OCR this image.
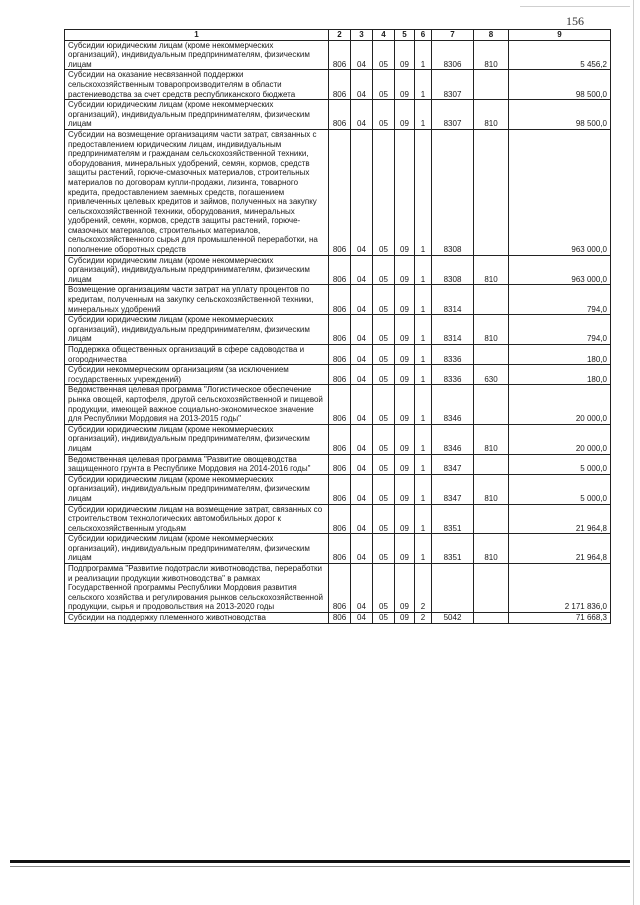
156
1	2	3	4	5	6	7	8	9
Субсидии юридическим лицам (кроме некоммерческих организаций), индивидуальным предпринимателям, физическим лицам	806	04	05	09	1	8306	810	5 456,2
Субсидии на оказание несвязанной поддержки сельскохозяйственным товаропроизводителям в области растениеводства за счет средств республиканского бюджета	806	04	05	09	1	8307		98 500,0
Субсидии юридическим лицам (кроме некоммерческих организаций), индивидуальным предпринимателям, физическим лицам	806	04	05	09	1	8307	810	98 500,0
Субсидии на возмещение организациям части затрат, связанных с предоставлением юридическим лицам, индивидуальным предпринимателям и гражданам сельскохозяйственной техники, оборудования, минеральных удобрений, семян, кормов, средств защиты растений, горюче-смазочных материалов, строительных материалов по договорам купли-продажи, лизинга, товарного кредита, предоставлением заемных средств, погашением привлеченных целевых кредитов и займов, полученных на закупку сельскохозяйственной техники, оборудования, минеральных удобрений, семян, кормов, средств защиты растений, горюче-смазочных материалов, строительных материалов, сельскохозяйственного сырья для промышленной переработки, на пополнение оборотных средств	806	04	05	09	1	8308		963 000,0
Субсидии юридическим лицам (кроме некоммерческих организаций), индивидуальным предпринимателям, физическим лицам	806	04	05	09	1	8308	810	963 000,0
Возмещение организациям части затрат на уплату процентов по кредитам, полученным на закупку сельскохозяйственной техники, минеральных удобрений	806	04	05	09	1	8314		794,0
Субсидии юридическим лицам (кроме некоммерческих организаций), индивидуальным предпринимателям, физическим лицам	806	04	05	09	1	8314	810	794,0
Поддержка общественных организаций в сфере садоводства и огородничества	806	04	05	09	1	8336		180,0
Субсидии некоммерческим организациям (за исключением государственных учреждений)	806	04	05	09	1	8336	630	180,0
Ведомственная целевая программа "Логистическое обеспечение рынка овощей, картофеля, другой сельскохозяйственной и пищевой продукции, имеющей важное социально-экономическое значение для Республики Мордовия на 2013-2015 годы"	806	04	05	09	1	8346		20 000,0
Субсидии юридическим лицам (кроме некоммерческих организаций), индивидуальным предпринимателям, физическим лицам	806	04	05	09	1	8346	810	20 000,0
Ведомственная целевая программа "Развитие овощеводства защищенного грунта в Республике Мордовия на 2014-2016 годы"	806	04	05	09	1	8347		5 000,0
Субсидии юридическим лицам (кроме некоммерческих организаций), индивидуальным предпринимателям, физическим лицам	806	04	05	09	1	8347	810	5 000,0
Субсидии юридическим лицам на возмещение затрат, связанных со строительством технологических автомобильных дорог к сельскохозяйственным угодьям	806	04	05	09	1	8351		21 964,8
Субсидии юридическим лицам (кроме некоммерческих организаций), индивидуальным предпринимателям, физическим лицам	806	04	05	09	1	8351	810	21 964,8
Подпрограмма "Развитие подотрасли животноводства, переработки и реализации продукции животноводства" в рамках Государственной программы Республики Мордовия развития сельского хозяйства и регулирования рынков сельскохозяйственной продукции, сырья и продовольствия на 2013-2020 годы	806	04	05	09	2			2 171 836,0
Субсидии на поддержку племенного животноводства	806	04	05	09	2	5042		71 668,3
